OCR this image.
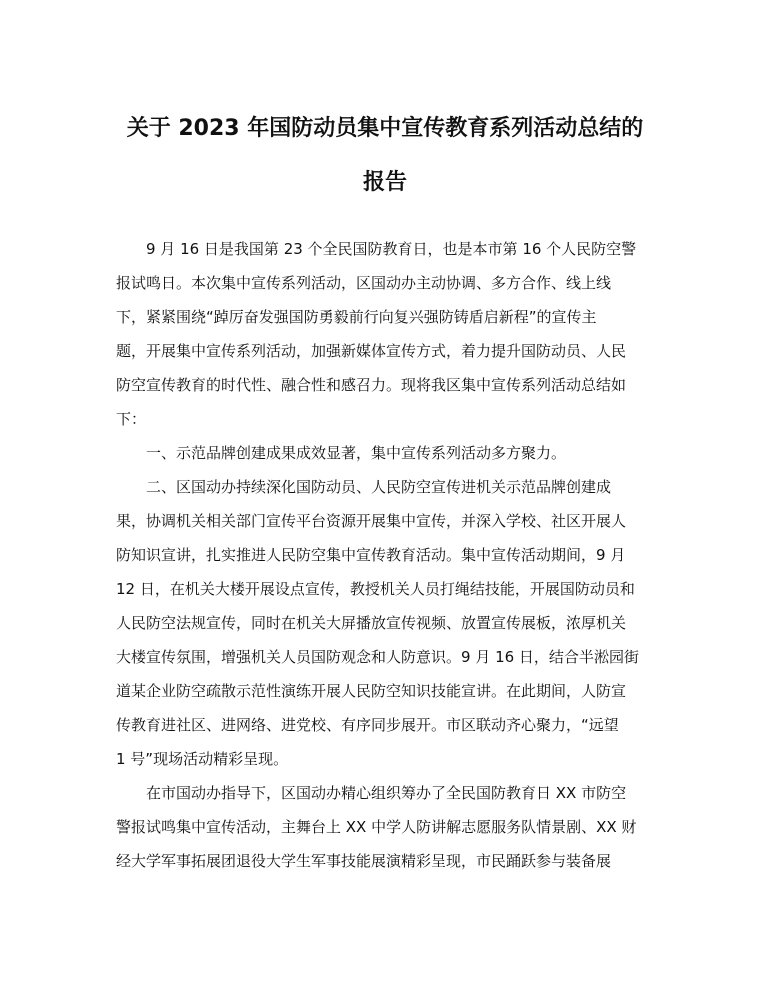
关于 2023 年国防动员集中宣传教育系列活动总结的
报告
9 月 16 日是我国第 23 个全民国防教育日，也是本市第 16 个人民防空警
报试鸣日。本次集中宣传系列活动，区国动办主动协调、多方合作、线上线
下，紧紧围绕“踔厉奋发强国防勇毅前行向复兴强防铸盾启新程”的宣传主
题，开展集中宣传系列活动，加强新媒体宣传方式，着力提升国防动员、人民
防空宣传教育的时代性、融合性和感召力。现将我区集中宣传系列活动总结如
下：
一、示范品牌创建成果成效显著，集中宣传系列活动多方聚力。
二、区国动办持续深化国防动员、人民防空宣传进机关示范品牌创建成
果，协调机关相关部门宣传平台资源开展集中宣传，并深入学校、社区开展人
防知识宣讲，扎实推进人民防空集中宣传教育活动。集中宣传活动期间，9 月
12 日，在机关大楼开展设点宣传，教授机关人员打绳结技能，开展国防动员和
人民防空法规宣传，同时在机关大屏播放宣传视频、放置宣传展板，浓厚机关
大楼宣传氛围，增强机关人员国防观念和人防意识。9 月 16 日，结合半淞园街
道某企业防空疏散示范性演练开展人民防空知识技能宣讲。在此期间，人防宣
传教育进社区、进网络、进党校、有序同步展开。市区联动齐心聚力，“远望
1 号”现场活动精彩呈现。
在市国动办指导下，区国动办精心组织筹办了全民国防教育日 XX 市防空
警报试鸣集中宣传活动，主舞台上 XX 中学人防讲解志愿服务队情景剧、XX 财
经大学军事拓展团退役大学生军事技能展演精彩呈现，市民踊跃参与装备展
